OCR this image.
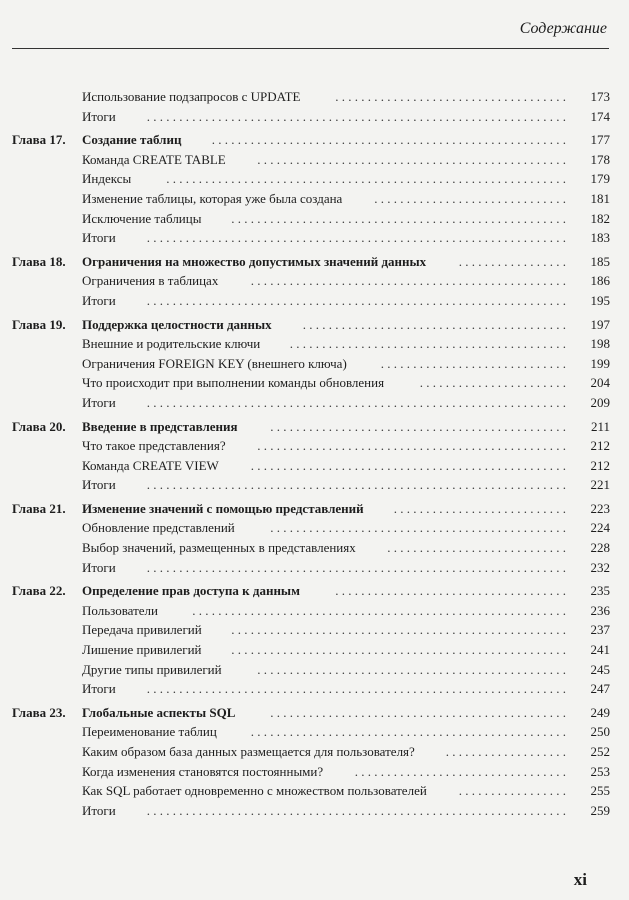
Содержание
Использование подзапросов с UPDATE	. . . . . . . . . . . . . . . . . . . . . . . . . . . . . . . . . . . .	173
Итоги	. . . . . . . . . . . . . . . . . . . . . . . . . . . . . . . . . . . . . . . . . . . . . . . . . . . . . . . . . . . . . . . . .	174
Глава 17.	Создание таблиц	. . . . . . . . . . . . . . . . . . . . . . . . . . . . . . . . . . . . . . . . . . . . . . . . . . . . . . .	177
Команда CREATE TABLE	. . . . . . . . . . . . . . . . . . . . . . . . . . . . . . . . . . . . . . . . . . . . . . . .	178
Индексы	. . . . . . . . . . . . . . . . . . . . . . . . . . . . . . . . . . . . . . . . . . . . . . . . . . . . . . . . . . . . . .	179
Изменение таблицы, которая уже была создана	. . . . . . . . . . . . . . . . . . . . . . . . . . . . . .	181
Исключение таблицы	. . . . . . . . . . . . . . . . . . . . . . . . . . . . . . . . . . . . . . . . . . . . . . . . . . . .	182
Итоги	. . . . . . . . . . . . . . . . . . . . . . . . . . . . . . . . . . . . . . . . . . . . . . . . . . . . . . . . . . . . . . . . .	183
Глава 18.	Ограничения на множество допустимых значений данных	. . . . . . . . . . . . . . . . .	185
Ограничения в таблицах	. . . . . . . . . . . . . . . . . . . . . . . . . . . . . . . . . . . . . . . . . . . . . . . . .	186
Итоги	. . . . . . . . . . . . . . . . . . . . . . . . . . . . . . . . . . . . . . . . . . . . . . . . . . . . . . . . . . . . . . . . .	195
Глава 19.	Поддержка целостности данных	. . . . . . . . . . . . . . . . . . . . . . . . . . . . . . . . . . . . . . . . .	197
Внешние и родительские ключи	. . . . . . . . . . . . . . . . . . . . . . . . . . . . . . . . . . . . . . . . . . .	198
Ограничения FOREIGN KEY (внешнего ключа)	. . . . . . . . . . . . . . . . . . . . . . . . . . . . .	199
Что происходит при выполнении команды обновления	. . . . . . . . . . . . . . . . . . . . . . .	204
Итоги	. . . . . . . . . . . . . . . . . . . . . . . . . . . . . . . . . . . . . . . . . . . . . . . . . . . . . . . . . . . . . . . . .	209
Глава 20.	Введение в представления	. . . . . . . . . . . . . . . . . . . . . . . . . . . . . . . . . . . . . . . . . . . . . .	211
Что такое представления?	. . . . . . . . . . . . . . . . . . . . . . . . . . . . . . . . . . . . . . . . . . . . . . . .	212
Команда CREATE VIEW	. . . . . . . . . . . . . . . . . . . . . . . . . . . . . . . . . . . . . . . . . . . . . . . . .	212
Итоги	. . . . . . . . . . . . . . . . . . . . . . . . . . . . . . . . . . . . . . . . . . . . . . . . . . . . . . . . . . . . . . . . .	221
Глава 21.	Изменение значений с помощью представлений	. . . . . . . . . . . . . . . . . . . . . . . . . . .	223
Обновление представлений	. . . . . . . . . . . . . . . . . . . . . . . . . . . . . . . . . . . . . . . . . . . . . .	224
Выбор значений, размещенных в представлениях	. . . . . . . . . . . . . . . . . . . . . . . . . . . .	228
Итоги	. . . . . . . . . . . . . . . . . . . . . . . . . . . . . . . . . . . . . . . . . . . . . . . . . . . . . . . . . . . . . . . . .	232
Глава 22.	Определение прав доступа к данным	. . . . . . . . . . . . . . . . . . . . . . . . . . . . . . . . . . . .	235
Пользователи	. . . . . . . . . . . . . . . . . . . . . . . . . . . . . . . . . . . . . . . . . . . . . . . . . . . . . . . . . .	236
Передача привилегий	. . . . . . . . . . . . . . . . . . . . . . . . . . . . . . . . . . . . . . . . . . . . . . . . . . . .	237
Лишение привилегий	. . . . . . . . . . . . . . . . . . . . . . . . . . . . . . . . . . . . . . . . . . . . . . . . . . . .	241
Другие типы привилегий	. . . . . . . . . . . . . . . . . . . . . . . . . . . . . . . . . . . . . . . . . . . . . . . .	245
Итоги	. . . . . . . . . . . . . . . . . . . . . . . . . . . . . . . . . . . . . . . . . . . . . . . . . . . . . . . . . . . . . . . . .	247
Глава 23.	Глобальные аспекты SQL	. . . . . . . . . . . . . . . . . . . . . . . . . . . . . . . . . . . . . . . . . . . . . .	249
Переименование таблиц	. . . . . . . . . . . . . . . . . . . . . . . . . . . . . . . . . . . . . . . . . . . . . . . . .	250
Каким образом база данных размещается для пользователя?	. . . . . . . . . . . . . . . . . . .	252
Когда изменения становятся постоянными?	. . . . . . . . . . . . . . . . . . . . . . . . . . . . . . . . .	253
Как SQL работает одновременно с множеством пользователей	. . . . . . . . . . . . . . . . .	255
Итоги	. . . . . . . . . . . . . . . . . . . . . . . . . . . . . . . . . . . . . . . . . . . . . . . . . . . . . . . . . . . . . . . . .	259
xi
